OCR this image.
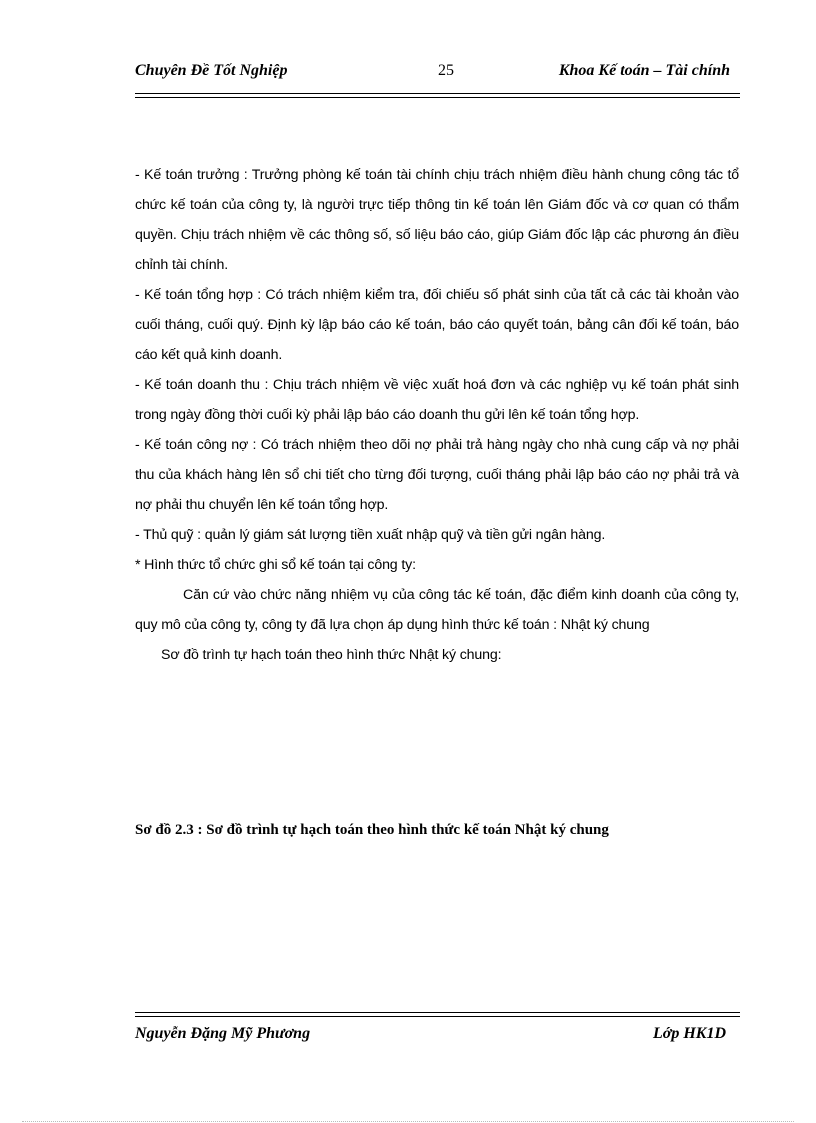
Chuyên Đề Tốt Nghiệp	25	Khoa Kế toán – Tài chính

- Kế toán trưởng : Trưởng phòng kế toán tài chính chịu trách nhiệm điều hành chung công tác tổ chức kế toán của công ty, là người trực tiếp thông tin kế toán lên Giám đốc và cơ quan có thẩm quyền. Chịu trách nhiệm về các thông số, số liệu báo cáo, giúp Giám đốc lập các phương án điều chỉnh tài chính.

- Kế toán tổng hợp : Có trách nhiệm kiểm tra, đối chiếu số phát sinh của tất cả các tài khoản vào cuối tháng, cuối quý. Định kỳ lập báo cáo kế toán, báo cáo quyết toán, bảng cân đối kế toán, báo cáo kết quả kinh doanh.

- Kế toán doanh thu : Chịu trách nhiệm về việc xuất hoá đơn và các nghiệp vụ kế toán phát sinh trong ngày đồng thời cuối kỳ phải lập báo cáo doanh thu gửi lên kế toán tổng hợp.

- Kế toán công nợ : Có trách nhiệm theo dõi nợ phải trả hàng ngày cho nhà cung cấp và nợ phải thu của khách hàng lên sổ chi tiết cho từng đối tượng, cuối tháng phải lập báo cáo nợ phải trả và nợ phải thu chuyển lên kế toán tổng hợp.

- Thủ quỹ : quản lý giám sát lượng tiền xuất nhập quỹ và tiền gửi ngân hàng.

* Hình thức tổ chức ghi sổ kế toán tại công ty:

Căn cứ vào chức năng nhiệm vụ của công tác kế toán, đặc điểm kinh doanh của công ty, quy mô của công ty, công ty đã lựa chọn áp dụng hình thức kế toán : Nhật ký chung

Sơ đồ trình tự hạch toán theo hình thức Nhật ký chung:

Sơ đồ 2.3 : Sơ đồ trình tự hạch toán theo hình thức kế toán Nhật ký chung
Nguyễn Đặng Mỹ Phương	Lớp HK1D
